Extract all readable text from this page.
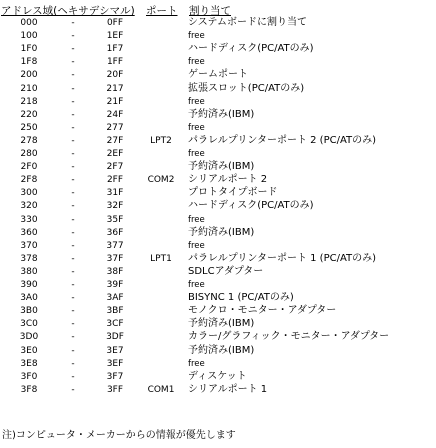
アドレス域(ヘキサデシマル) ポート 割り当て
000	-	0FF	システムボードに割り当て
100	-	1EF	free
1F0	-	1F7	ハードディスク(PC/ATのみ)
1F8	-	1FF	free
200	-	20F	ゲームポート
210	-	217	拡張スロット(PC/ATのみ)
218	-	21F	free
220	-	24F	予約済み(IBM)
250	-	277	free
278	-	27F	LPT2	パラレルプリンターポート 2 (PC/ATのみ)
280	-	2EF	free
2F0	-	2F7	予約済み(IBM)
2F8	-	2FF	COM2	シリアルポート 2
300	-	31F	プロトタイプボード
320	-	32F	ハードディスク(PC/ATのみ)
330	-	35F	free
360	-	36F	予約済み(IBM)
370	-	377	free
378	-	37F	LPT1	パラレルプリンターポート 1 (PC/ATのみ)
380	-	38F	SDLCアダプター
390	-	39F	free
3A0	-	3AF	BISYNC 1 (PC/ATのみ)
3B0	-	3BF	モノクロ・モニター・アダプター
3C0	-	3CF	予約済み(IBM)
3D0	-	3DF	カラー/グラフィック・モニター・アダプター
3E0	-	3E7	予約済み(IBM)
3E8	-	3EF	free
3F0	-	3F7	ディスケット
3F8	-	3FF	COM1	シリアルポート 1
注)コンピュータ・メーカーからの情報が優先します
